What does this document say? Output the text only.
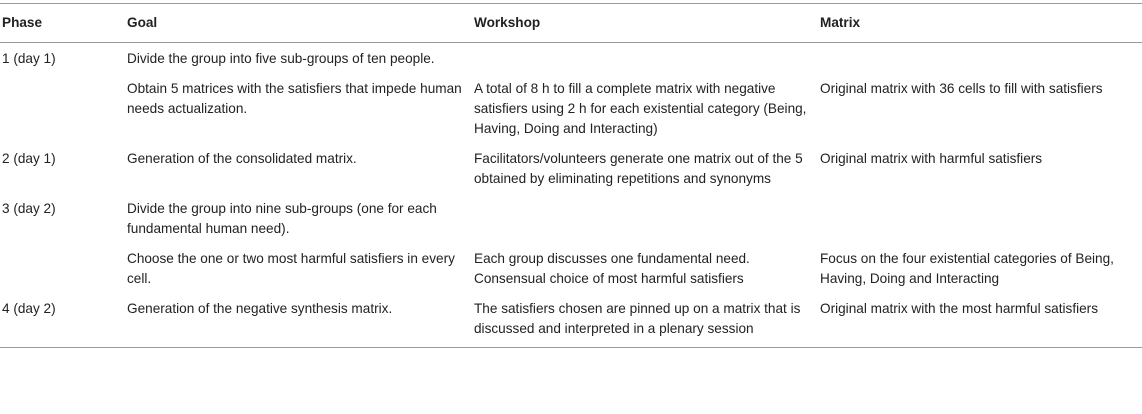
Phase	Goal	Workshop	Matrix
1 (day 1)	Divide the group into five sub-groups of ten people.		
	Obtain 5 matrices with the satisfiers that impede human needs actualization.	A total of 8 h to fill a complete matrix with negative satisfiers using 2 h for each existential category (Being, Having, Doing and Interacting)	Original matrix with 36 cells to fill with satisfiers
2 (day 1)	Generation of the consolidated matrix.	Facilitators/volunteers generate one matrix out of the 5 obtained by eliminating repetitions and synonyms	Original matrix with harmful satisfiers
3 (day 2)	Divide the group into nine sub-groups (one for each fundamental human need).		
	Choose the one or two most harmful satisfiers in every cell.	Each group discusses one fundamental need. Consensual choice of most harmful satisfiers	Focus on the four existential categories of Being, Having, Doing and Interacting
4 (day 2)	Generation of the negative synthesis matrix.	The satisfiers chosen are pinned up on a matrix that is discussed and interpreted in a plenary session	Original matrix with the most harmful satisfiers
